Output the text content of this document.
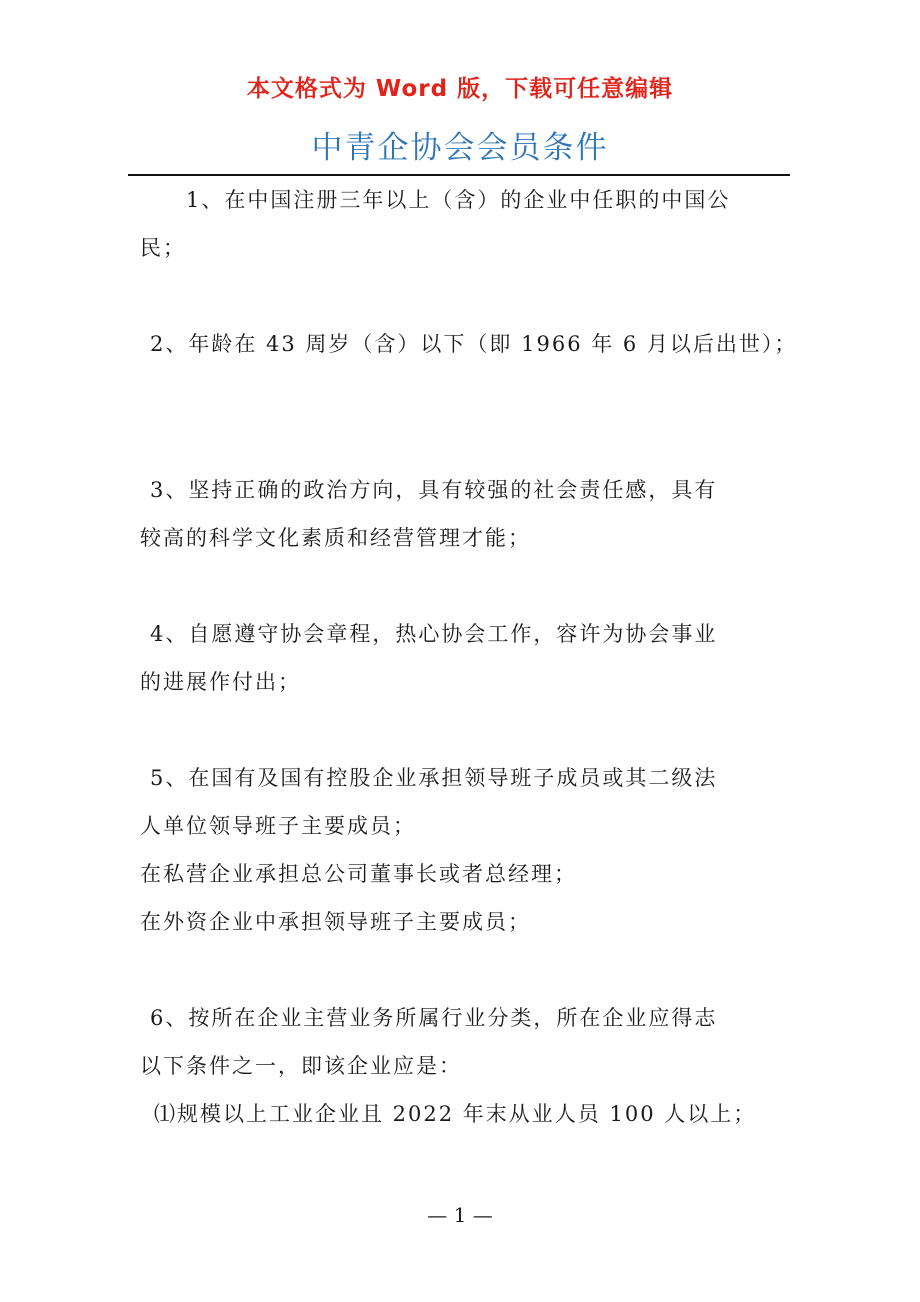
本文格式为 Word 版，下载可任意编辑
中青企协会会员条件
1、在中国注册三年以上（含）的企业中任职的中国公
民；
2、年龄在 43 周岁（含）以下（即 1966 年 6 月以后出世）；
3、坚持正确的政治方向，具有较强的社会责任感，具有
较高的科学文化素质和经营管理才能；
4、自愿遵守协会章程，热心协会工作，容许为协会事业
的进展作付出；
5、在国有及国有控股企业承担领导班子成员或其二级法
人单位领导班子主要成员；
在私营企业承担总公司董事长或者总经理；
在外资企业中承担领导班子主要成员；
6、按所在企业主营业务所属行业分类，所在企业应得志
以下条件之一，即该企业应是：
⑴规模以上工业企业且 2022 年末从业人员 100 人以上；
— 1 —
